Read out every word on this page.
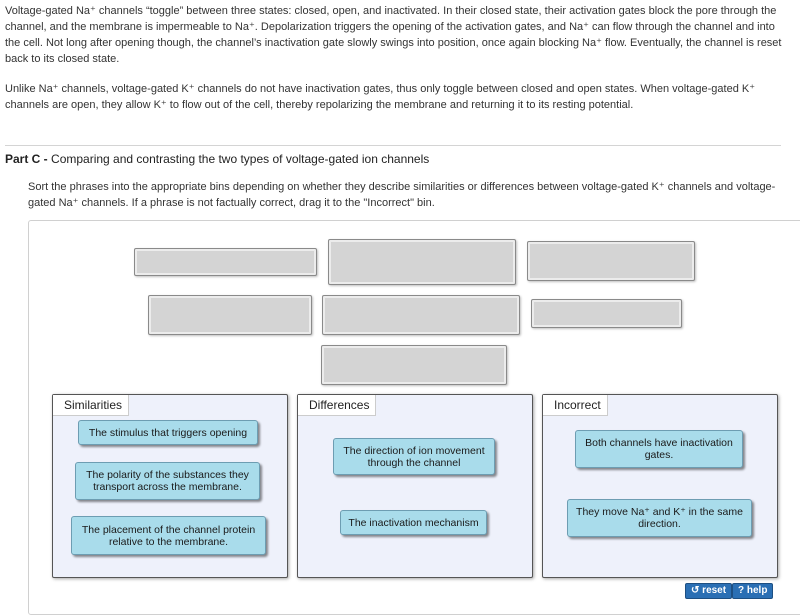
Voltage-gated Na⁺ channels “toggle” between three states: closed, open, and inactivated. In their closed state, their activation gates block the pore through the channel, and the membrane is impermeable to Na⁺. Depolarization triggers the opening of the activation gates, and Na⁺ can flow through the channel and into the cell. Not long after opening though, the channel’s inactivation gate slowly swings into position, once again blocking Na⁺ flow. Eventually, the channel is reset back to its closed state.

Unlike Na⁺ channels, voltage-gated K⁺ channels do not have inactivation gates, thus only toggle between closed and open states. When voltage-gated K⁺ channels are open, they allow K⁺ to flow out of the cell, thereby repolarizing the membrane and returning it to its resting potential.

Part C - Comparing and contrasting the two types of voltage-gated ion channels

Sort the phrases into the appropriate bins depending on whether they describe similarities or differences between voltage-gated K⁺ channels and voltage-gated Na⁺ channels. If a phrase is not factually correct, drag it to the "Incorrect" bin.

Similarities	Differences	Incorrect
The stimulus that triggers opening
The polarity of the substances they transport across the membrane.
The placement of the channel protein relative to the membrane.
The direction of ion movement through the channel
The inactivation mechanism
Both channels have inactivation gates.
They move Na⁺ and K⁺ in the same direction.
↺ reset	? help
